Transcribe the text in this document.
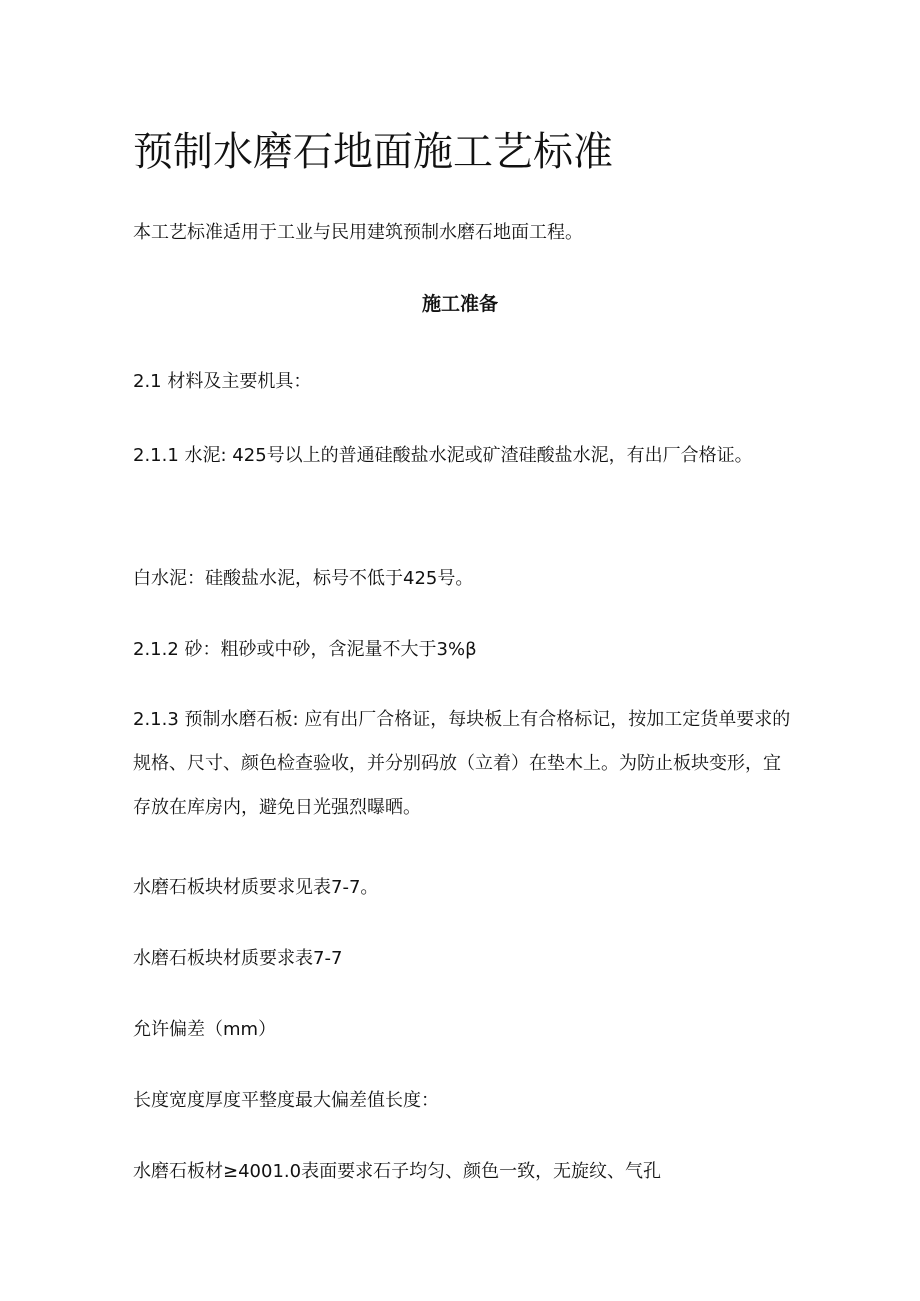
预制水磨石地面施工艺标准

本工艺标准适用于工业与民用建筑预制水磨石地面工程。

施工准备

2.1 材料及主要机具：

2.1.1 水泥: 425号以上的普通硅酸盐水泥或矿渣硅酸盐水泥，有出厂合格证。

白水泥：硅酸盐水泥，标号不低于425号。

2.1.2 砂：粗砂或中砂，含泥量不大于3%β

2.1.3 预制水磨石板: 应有出厂合格证，每块板上有合格标记，按加工定货单要求的规格、尺寸、颜色检查验收，并分别码放（立着）在垫木上。为防止板块变形，宜存放在库房内，避免日光强烈曝晒。

水磨石板块材质要求见表7-7。

水磨石板块材质要求表7-7

允许偏差（mm）

长度宽度厚度平整度最大偏差值长度：

水磨石板材≥4001.0表面要求石子均匀、颜色一致，无旋纹、气孔
